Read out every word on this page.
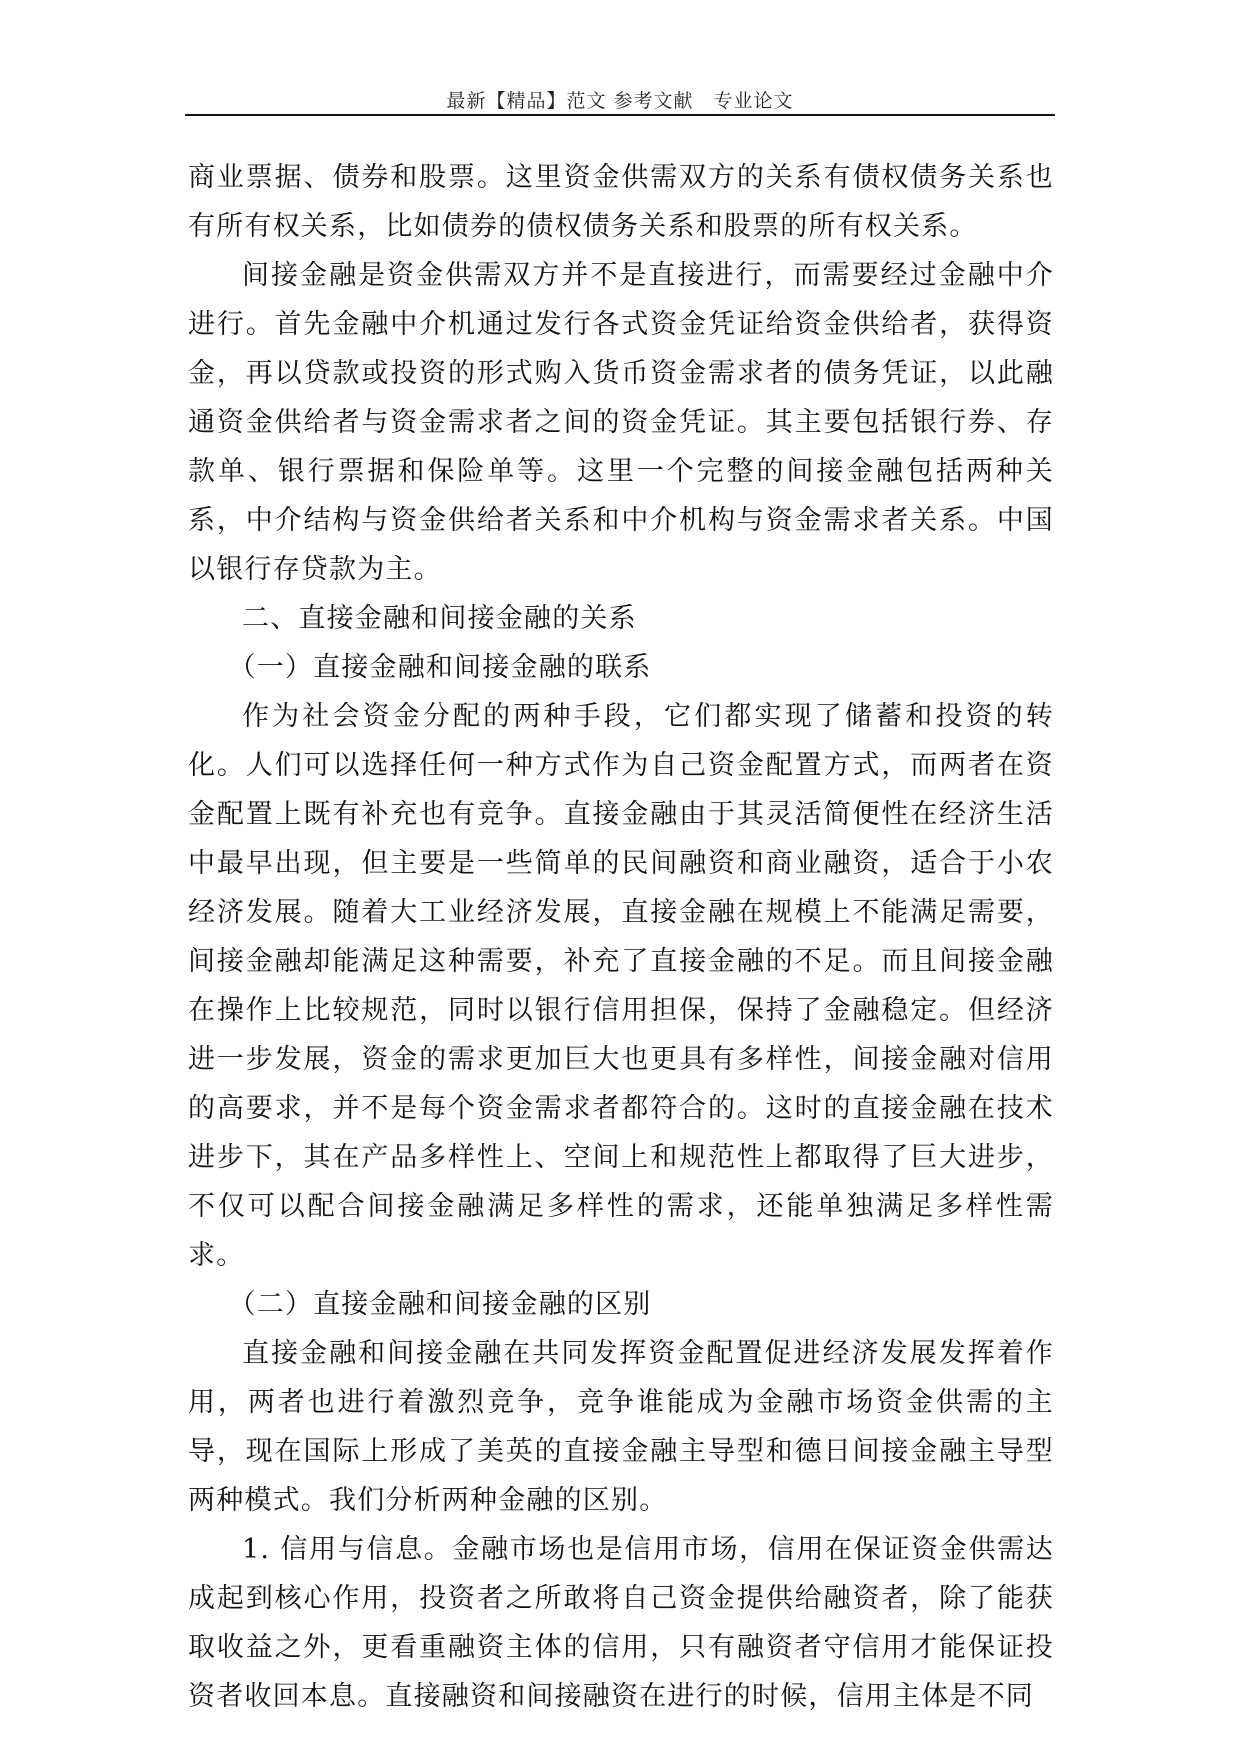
最新【精品】范文 参考文献　专业论文

商业票据、债券和股票。这里资金供需双方的关系有债权债务关系也有所有权关系，比如债券的债权债务关系和股票的所有权关系。

间接金融是资金供需双方并不是直接进行，而需要经过金融中介进行。首先金融中介机通过发行各式资金凭证给资金供给者，获得资金，再以贷款或投资的形式购入货币资金需求者的债务凭证，以此融通资金供给者与资金需求者之间的资金凭证。其主要包括银行券、存款单、银行票据和保险单等。这里一个完整的间接金融包括两种关系，中介结构与资金供给者关系和中介机构与资金需求者关系。中国以银行存贷款为主。

二、直接金融和间接金融的关系

（一）直接金融和间接金融的联系

作为社会资金分配的两种手段，它们都实现了储蓄和投资的转化。人们可以选择任何一种方式作为自己资金配置方式，而两者在资金配置上既有补充也有竞争。直接金融由于其灵活简便性在经济生活中最早出现，但主要是一些简单的民间融资和商业融资，适合于小农经济发展。随着大工业经济发展，直接金融在规模上不能满足需要，间接金融却能满足这种需要，补充了直接金融的不足。而且间接金融在操作上比较规范，同时以银行信用担保，保持了金融稳定。但经济进一步发展，资金的需求更加巨大也更具有多样性，间接金融对信用的高要求，并不是每个资金需求者都符合的。这时的直接金融在技术进步下，其在产品多样性上、空间上和规范性上都取得了巨大进步，不仅可以配合间接金融满足多样性的需求，还能单独满足多样性需求。

（二）直接金融和间接金融的区别

直接金融和间接金融在共同发挥资金配置促进经济发展发挥着作用，两者也进行着激烈竞争，竞争谁能成为金融市场资金供需的主导，现在国际上形成了美英的直接金融主导型和德日间接金融主导型两种模式。我们分析两种金融的区别。

1. 信用与信息。金融市场也是信用市场，信用在保证资金供需达成起到核心作用，投资者之所敢将自己资金提供给融资者，除了能获取收益之外，更看重融资主体的信用，只有融资者守信用才能保证投资者收回本息。直接融资和间接融资在进行的时候，信用主体是不同
